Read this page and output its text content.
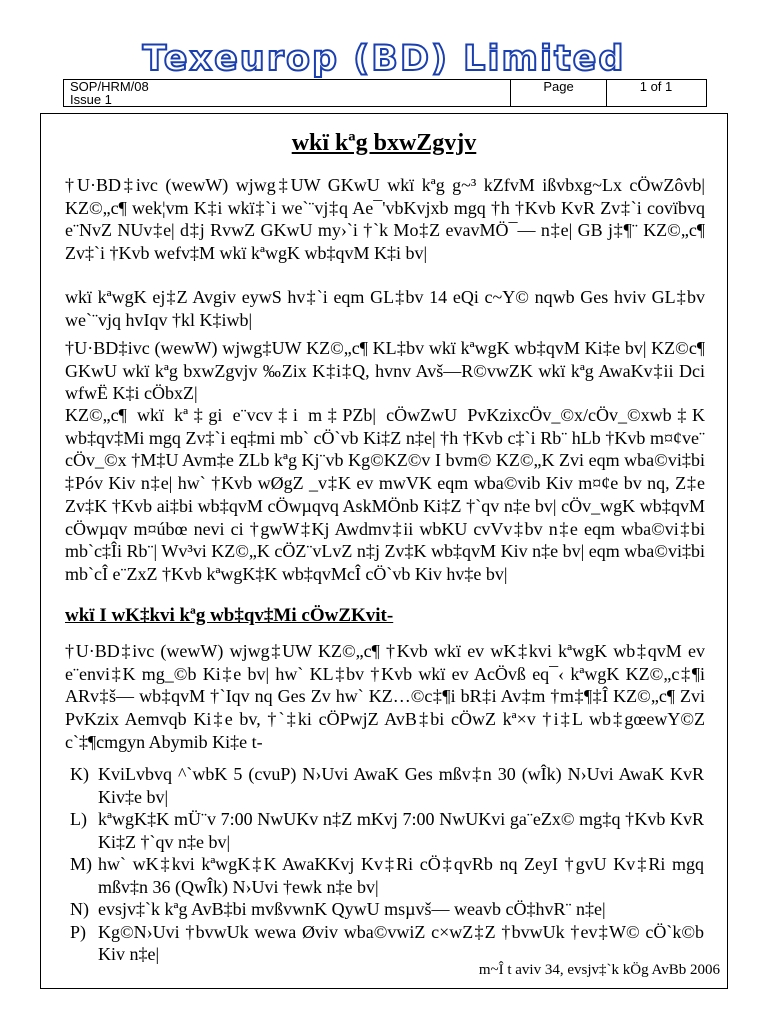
Texeurop (BD) Limited
SOP/HRM/08
Issue 1
Page	1 of 1
wkï kªg bxwZgvjv

†U·BD‡ivc (wewW) wjwg‡UW GKwU wkï kªg g~³ kZfvM ißvbxg~Lx cÖwZôvb| KZ©„c¶ wek¦vm K‡i wkï‡`i we`¨vj‡q Ae¯'vbKvjxb mgq †h †Kvb KvR Zv‡`i covïbvq e¨NvZ NUv‡e| d‡j RvwZ GKwU my›`i †`k Mo‡Z evavMÖ¯— n‡e| GB j‡¶¨ KZ©„c¶ Zv‡`i †Kvb wefv‡M wkï kªwgK wb‡qvM K‡i bv|

wkï kªwgK ej‡Z Avgiv eywS hv‡`i eqm GL‡bv 14 eQi c~Y© nqwb Ges hviv GL‡bv we`¨vjq hvIqv †kl K‡iwb|

†U·BD‡ivc (wewW) wjwg‡UW KZ©„c¶ KL‡bv wkï kªwgK wb‡qvM Ki‡e bv| KZ©c¶ GKwU wkï kªg bxwZgvjv ‰Zix K‡i‡Q, hvnv Avš—R©vwZK wkï kªg AwaKv‡ii Dci wfwË K‡i cÖbxZ|

KZ©„c¶ wkï kª‡gi e¨vcv‡i m‡PZb| cÖwZwU PvKzixcÖv_©x/cÖv_©xwb‡K wb‡qv‡Mi mgq Zv‡`i eq‡mi mb` cÖ`vb Ki‡Z n‡e| †h †Kvb c‡`i Rb¨ hLb †Kvb m¤¢ve¨ cÖv_©x †M‡U Avm‡e ZLb kªg Kj¨vb Kg©KZ©v I bvm© KZ©„K Zvi eqm wba©vi‡bi ‡Póv Kiv n‡e| hw` †Kvb wØgZ _v‡K ev mwVK eqm wba©vib Kiv m¤¢e bv nq, Z‡e Zv‡K †Kvb ai‡bi wb‡qvM cÖwµqvq AskMÖnb Ki‡Z †`qv n‡e bv| cÖv_wgK wb‡qvM cÖwµqv m¤úbœ nevi ci †gwW‡Kj Awdmv‡ii wbKU cvVv‡bv n‡e eqm wba©vi‡bi mb`c‡Îi Rb¨| Wv³vi KZ©„K cÖZ¨vLvZ n‡j Zv‡K wb‡qvM Kiv n‡e bv| eqm wba©vi‡bi mb`cÎ e¨ZxZ †Kvb kªwgK‡K wb‡qvMcÎ cÖ`vb Kiv hv‡e bv|

wkï I wK‡kvi kªg wb‡qv‡Mi cÖwZKvit-

†U·BD‡ivc (wewW) wjwg‡UW KZ©„c¶ †Kvb wkï ev wK‡kvi kªwgK wb‡qvM ev e¨envi‡K mg_©b Ki‡e bv| hw` KL‡bv †Kvb wkï ev AcÖvß eq¯‹ kªwgK KZ©„c‡¶i ARv‡š— wb‡qvM †`Iqv nq Ges Zv hw` KZ…©c‡¶i bR‡i Av‡m †m‡¶‡Î KZ©„c¶ Zvi PvKzix Aemvqb Ki‡e bv, †`‡ki cÖPwjZ AvB‡bi cÖwZ kª×v †i‡L wb‡gœewY©Z c`‡¶cmgyn Abymib Ki‡e t-

K) KviLvbvq ^`wbK 5 (cvuP) N›Uvi AwaK Ges mßv‡n 30 (wÎk) N›Uvi AwaK KvR Kiv‡e bv|
L) kªwgK‡K mÜ¨v 7:00 NwUKv n‡Z mKvj 7:00 NwUKvi ga¨eZx© mg‡q †Kvb KvR Ki‡Z †`qv n‡e bv|
M) hw` wK‡kvi kªwgK‡K AwaKKvj Kv‡Ri cÖ‡qvRb nq ZeyI †gvU Kv‡Ri mgq mßv‡n 36 (QwÎk) N›Uvi †ewk n‡e bv|
N) evsjv‡`k kªg AvB‡bi mvßvwnK QywU msµvš— weavb cÖ‡hvR¨ n‡e|
P) Kg©N›Uvi †bvwUk wewa Øviv wba©vwiZ c×wZ‡Z †bvwUk †ev‡W© cÖ`k©b Kiv n‡e|
m~Î t aviv 34, evsjv‡`k kÖg AvBb 2006
